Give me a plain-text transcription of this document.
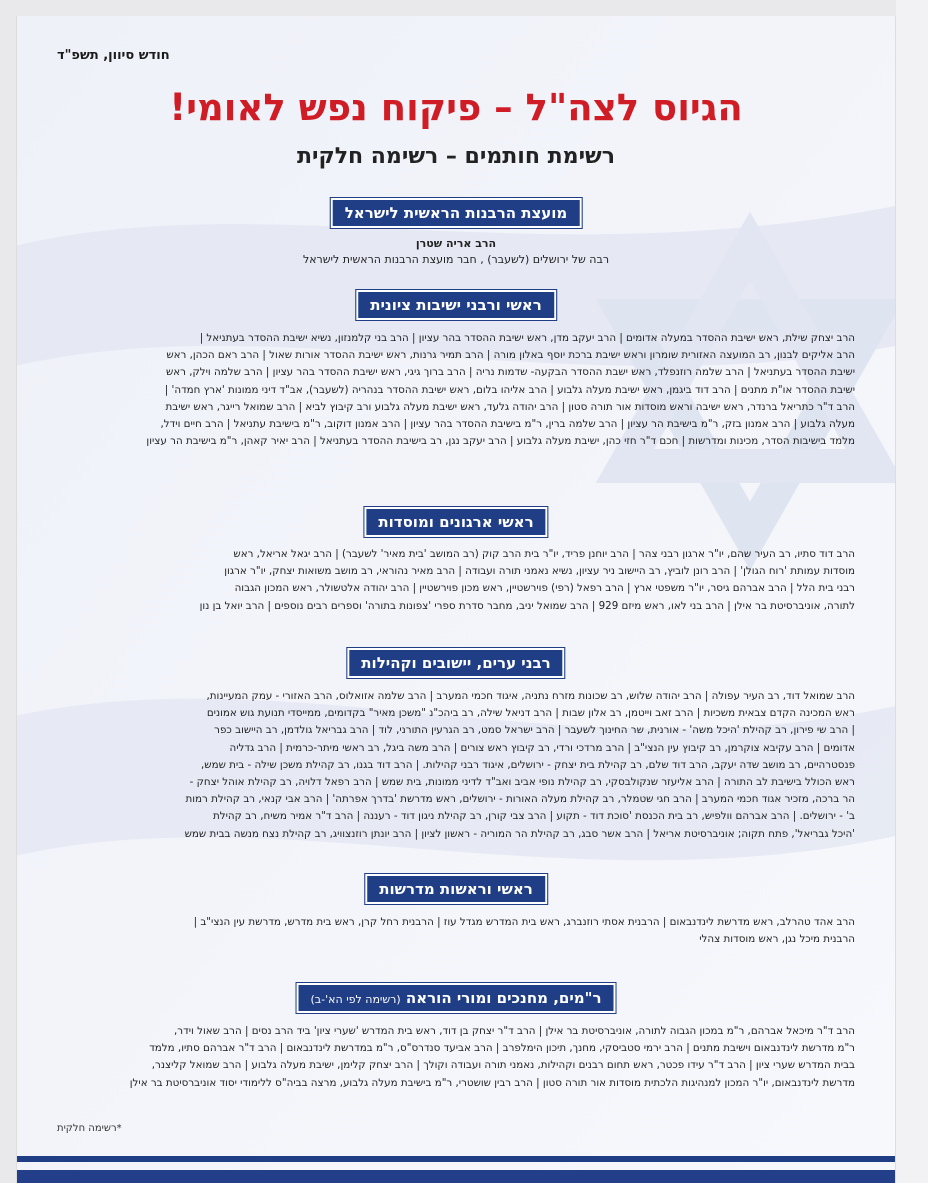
חודש סיוון, תשפ"ד
הגיוס לצה"ל – פיקוח נפש לאומי!
רשימת חותמים – רשימה חלקית
מועצת הרבנות הראשית לישראל
הרב אריה שטרן
רבה של ירושלים (לשעבר) , חבר מועצת הרבנות הראשית לישראל
ראשי ורבני ישיבות ציונית
הרב יצחק שילת, ראש ישיבת ההסדר במעלה אדומים | הרב יעקב מדן, ראש ישיבת ההסדר בהר עציון | הרב בני קלמנזון, נשיא ישיבת ההסדר בעתניאל |
הרב אליקים לבנון, רב המועצה האזורית שומרון וראש ישיבת ברכת יוסף באלון מורה | הרב תמיר גרנות, ראש ישיבת ההסדר אורות שאול | הרב ראם הכהן, ראש
ישיבת ההסדר בעתניאל | הרב שלמה רוזנפלד, ראש ישבת ההסדר הבקעה- שדמות נריה | הרב ברוך גיגי, ראש ישיבת ההסדר בהר עציון | הרב שלמה וילק, ראש
ישיבת ההסדר או"ת מתנים | הרב דוד ביגמן, ראש ישיבת מעלה גלבוע | הרב אליהו בלום, ראש ישיבת ההסדר בנהריה (לשעבר), אב"ד דיני ממונות 'ארץ חמדה' |
הרב ד"ר כתריאל ברנדר, ראש ישיבה וראש מוסדות אור תורה סטון | הרב יהודה גלעד, ראש ישיבת מעלה גלבוע ורב קיבוץ לביא | הרב שמואל רייגר, ראש ישיבת
מעלה גלבוע | הרב אמנון בזק, ר"מ בישיבת הר עציון | הרב שלמה ברין, ר"מ בישיבת ההסדר בהר עציון | הרב אמנון דוקוב, ר"מ בישיבת עתניאל | הרב חיים וידל,
מלמד בישיבות הסדר, מכינות ומדרשות | חכם ד"ר חזי כהן, ישיבת מעלה גלבוע | הרב יעקב נגן, רב בישיבת ההסדר בעתניאל | הרב יאיר קאהן, ר"מ בישיבת הר עציון
ראשי ארגונים ומוסדות
הרב דוד סתיו, רב העיר שהם, יו"ר ארגון רבני צהר | הרב יוחנן פריד, יו"ר בית הרב קוק (רב המושב 'בית מאיר' לשעבר) | הרב יגאל אריאל, ראש
מוסדות עמותת 'רוח הגולן' | הרב רונן לוביץ, רב היישוב ניר עציון, נשיא נאמני תורה ועבודה | הרב מאיר נהוראי, רב מושב משואות יצחק, יו"ר ארגון
רבני בית הלל | הרב אברהם גיסר, יו"ר משפטי ארץ | הרב רפאל (רפי) פוירשטיין, ראש מכון פוירשטיין | הרב יהודה אלטשולר, ראש המכון הגבוה
לתורה, אוניברסיטת בר אילן | הרב בני לאו, ראש מיזם 929 | הרב שמואל יניב, מחבר סדרת ספרי 'צפונות בתורה' וספרים רבים נוספים | הרב יואל בן נון
רבני ערים, יישובים וקהילות
הרב שמואל דוד, רב העיר עפולה | הרב יהודה שלוש, רב שכונות מזרח נתניה, איגוד חכמי המערב | הרב שלמה אזואלוס, הרב האזורי - עמק המעיינות,
ראש המכינה הקדם צבאית משכיות | הרב זאב וייטמן, רב אלון שבות | הרב דניאל שילה, רב ביהכ"נ "משכן מאיר" בקדומים, ממייסדי תנועת גוש אמונים
| הרב שי פירון, רב קהילת 'היכל משה' - אורנית, שר החינוך לשעבר | הרב ישראל סמט, רב הגרעין התורני, לוד | הרב גבריאל גולדמן, רב היישוב כפר
אדומים | הרב עקיבא צוקרמן, רב קיבוץ עין הנצי"ב | הרב מרדכי ורדי, רב קיבוץ ראש צורים | הרב משה ביגל, רב ראשי מיתר-כרמית | הרב גדליה
פנסטרהיים, רב מושב שדה יעקב, הרב דוד שלם, רב קהילת בית יצחק - ירושלים, איגוד רבני קהילות. | הרב דוד בגנו, רב קהילת משכן שילה - בית שמש,
ראש הכולל בישיבת לב התורה | הרב אליעזר שנקולבסקי, רב קהילת נופי אביב ואב"ד לדיני ממונות, בית שמש | הרב רפאל דלויה, רב קהילת אוהל יצחק -
הר ברכה, מזכיר אגוד חכמי המערב | הרב חגי שטמלר, רב קהילת מעלה האורות - ירושלים, ראש מדרשת 'בדרך אפרתה' | הרב אבי קנאי, רב קהילת רמות
ב' - ירושלים. | הרב אברהם וולפיש, רב בית הכנסת 'סוכת דוד - תקוע | הרב צבי קורן, רב קהילת ניגון דוד - רעננה | הרב ד"ר אמיר משיח, רב קהילת
'היכל גבריאל', פתח תקוה; אוניברסיטת אריאל | הרב אשר סבג, רב קהילת הר המוריה - ראשון לציון | הרב יונתן רוזנצוויג, רב קהילת נצח מנשה בבית שמש
ראשי וראשות מדרשות
הרב אהד טהרלב, ראש מדרשת לינדנבאום | הרבנית אסתי רוזנברג, ראש בית המדרש מגדל עוז | הרבנית רחל קרן, ראש בית מדרש, מדרשת עין הנצי"ב |
הרבנית מיכל נגן, ראש מוסדות צהלי
ר"מים, מחנכים ומורי הוראה (רשימה לפי הא'-ב)
הרב ד"ר מיכאל אברהם, ר"מ במכון הגבוה לתורה, אוניברסיטת בר אילן | הרב ד"ר יצחק בן דוד, ראש בית המדרש 'שערי ציון' ביד הרב נסים | הרב שאול וידר,
ר"מ מדרשת לינדנבאום וישיבת מתנים | הרב ירמי סטביסקי, מחנך, תיכון הימלפרב | הרב אביעד סנדרס"ס, ר"מ במדרשת לינדנבאום | הרב ד"ר אברהם סתיו, מלמד
בבית המדרש שערי ציון | הרב ד"ר עידו פכטר, ראש תחום רבנים וקהילות, נאמני תורה ועבודה וקולך | הרב יצחק קלימן, ישיבת מעלה גלבוע | הרב שמואל קליצנר,
מדרשת לינדנבאום, יו"ר המכון למנהיגות הלכתית מוסדות אור תורה סטון | הרב רבין שושטרי, ר"מ בישיבת מעלה גלבוע, מרצה בביה"ס ללימודי יסוד אוניברסיטת בר אילן
*רשימה חלקית
